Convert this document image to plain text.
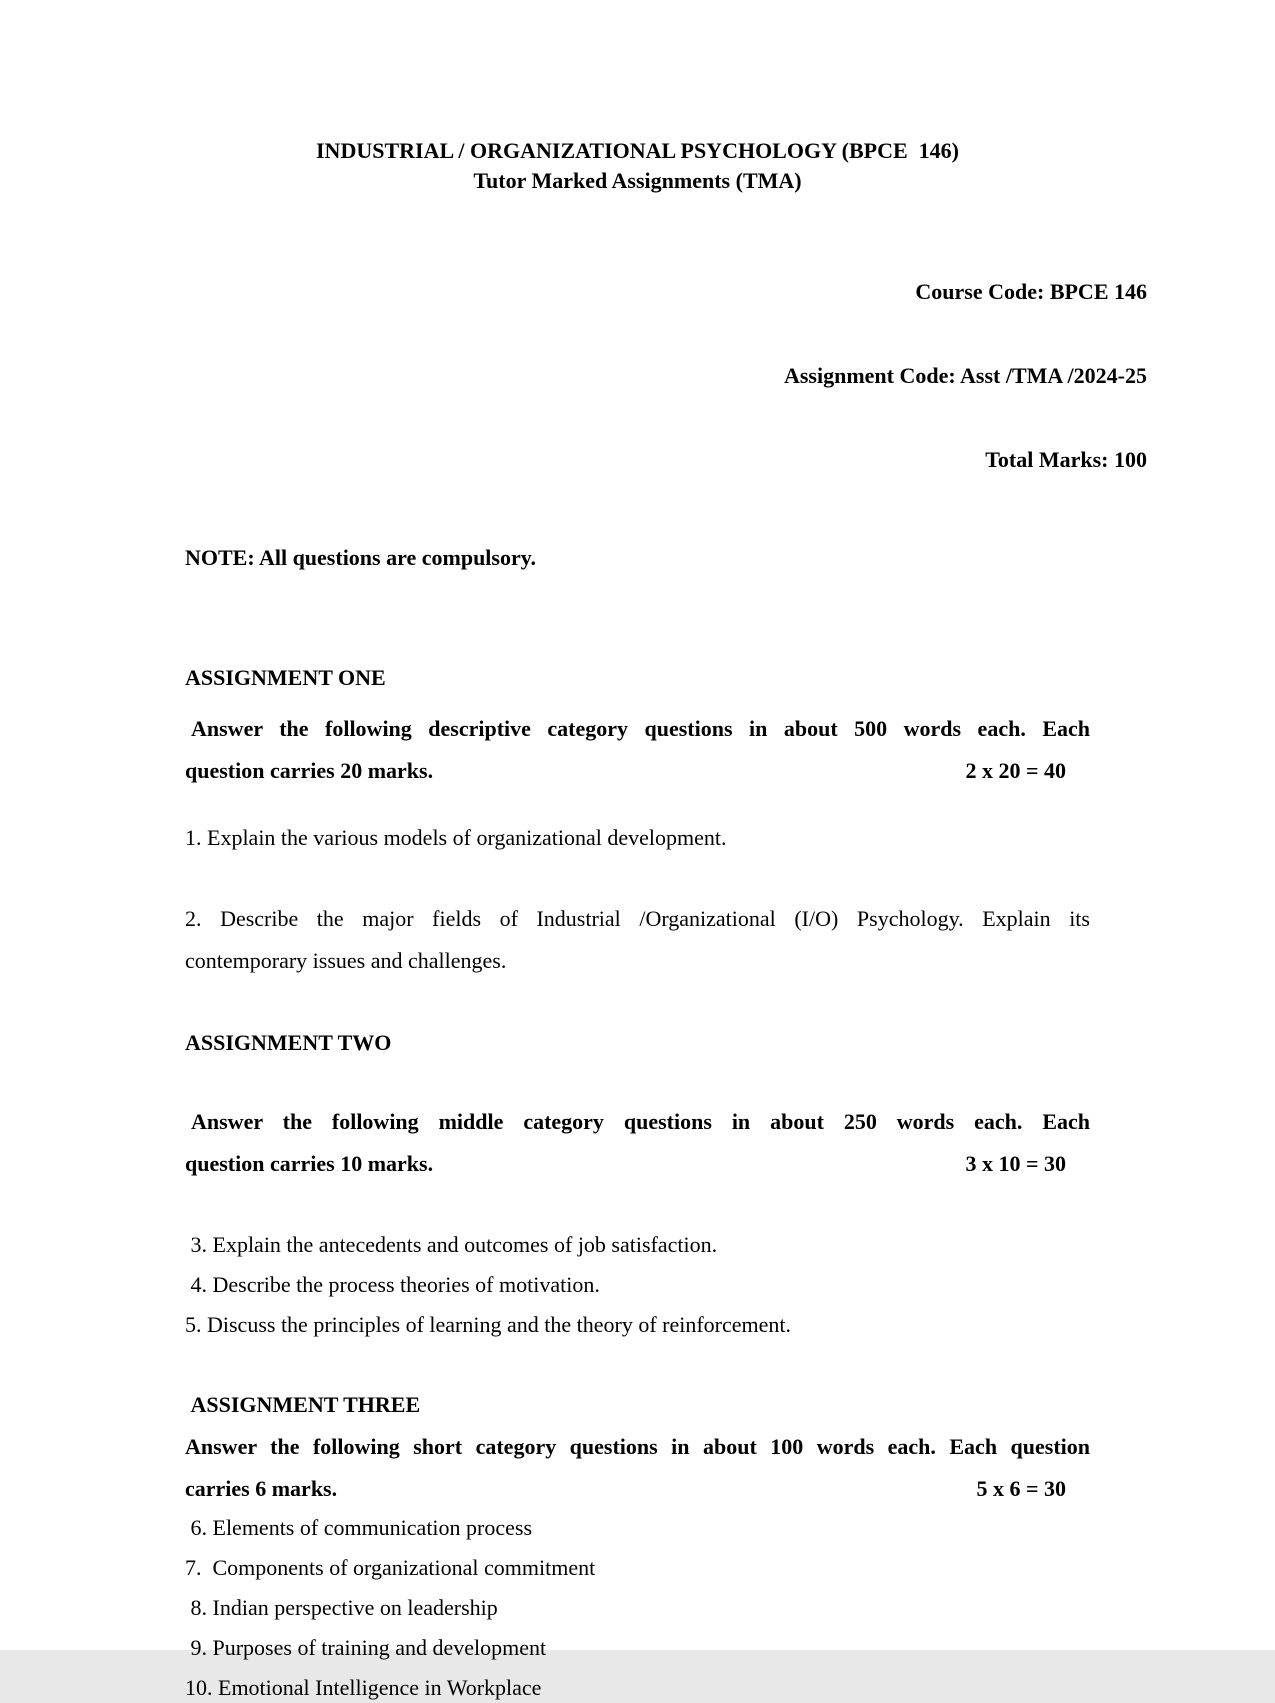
INDUSTRIAL / ORGANIZATIONAL PSYCHOLOGY (BPCE  146)
Tutor Marked Assignments (TMA)

Course Code: BPCE 146

Assignment Code: Asst /TMA /2024-25

Total Marks: 100

NOTE: All questions are compulsory.
ASSIGNMENT ONE
Answer the following descriptive category questions in about 500 words each. Each
question carries 20 marks.	2 x 20 = 40
1. Explain the various models of organizational development.
2. Describe the major fields of Industrial /Organizational (I/O) Psychology. Explain its
contemporary issues and challenges.
ASSIGNMENT TWO
Answer the following middle category questions in about 250 words each. Each
question carries 10 marks.	3 x 10 = 30
3. Explain the antecedents and outcomes of job satisfaction.
4. Describe the process theories of motivation.
5. Discuss the principles of learning and the theory of reinforcement.
ASSIGNMENT THREE
Answer the following short category questions in about 100 words each. Each question
carries 6 marks.	5 x 6 = 30
6. Elements of communication process
7.  Components of organizational commitment
8. Indian perspective on leadership
9. Purposes of training and development
10. Emotional Intelligence in Workplace
